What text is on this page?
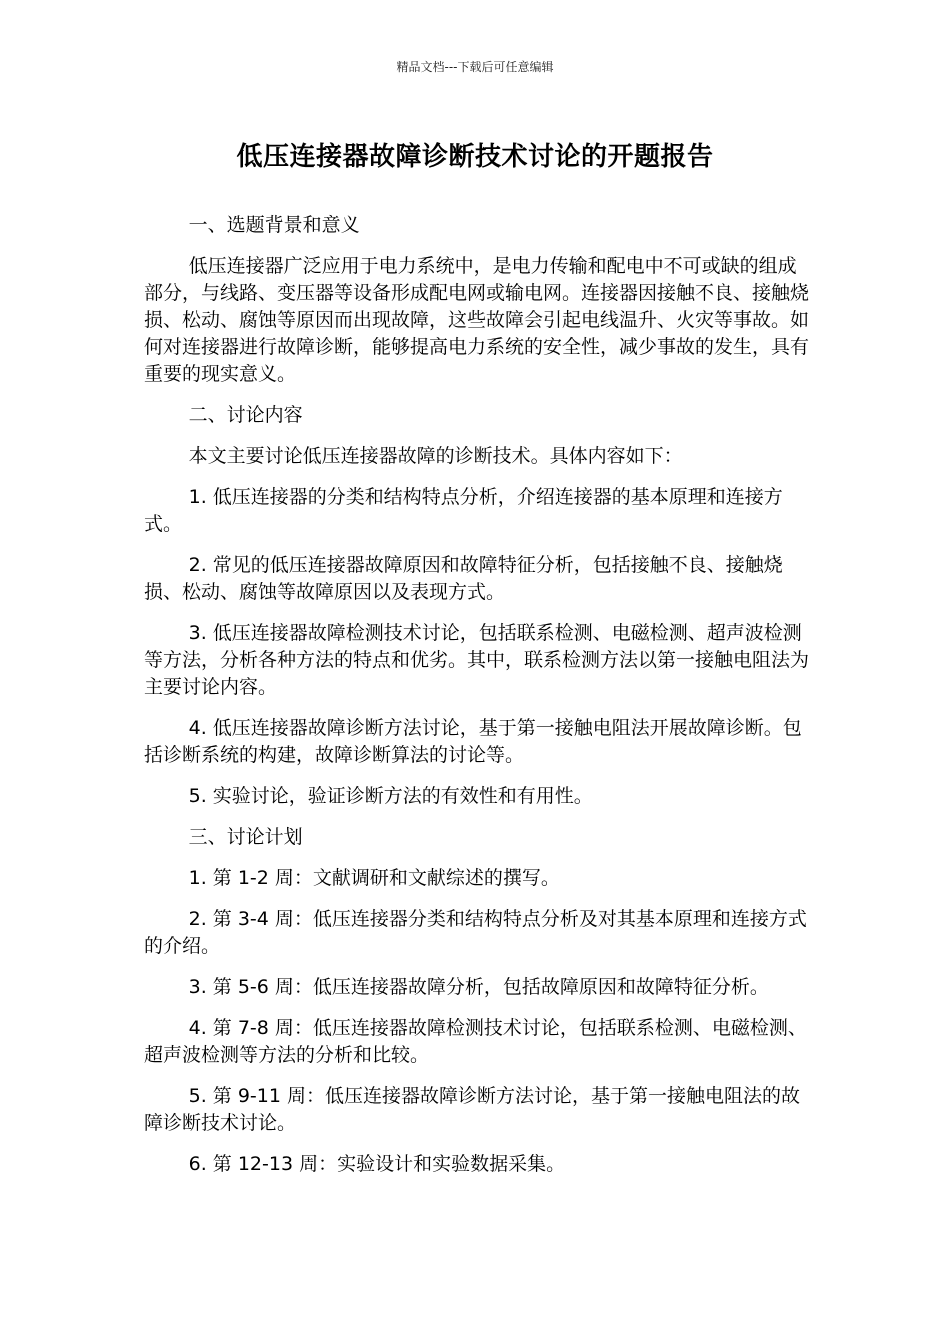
精品文档---下载后可任意编辑
低压连接器故障诊断技术讨论的开题报告

一、选题背景和意义

低压连接器广泛应用于电力系统中，是电力传输和配电中不可或缺的组成部分，与线路、变压器等设备形成配电网或输电网。连接器因接触不良、接触烧损、松动、腐蚀等原因而出现故障，这些故障会引起电线温升、火灾等事故。如何对连接器进行故障诊断，能够提高电力系统的安全性，减少事故的发生，具有重要的现实意义。

二、讨论内容

本文主要讨论低压连接器故障的诊断技术。具体内容如下：

1. 低压连接器的分类和结构特点分析，介绍连接器的基本原理和连接方式。

2. 常见的低压连接器故障原因和故障特征分析，包括接触不良、接触烧损、松动、腐蚀等故障原因以及表现方式。

3. 低压连接器故障检测技术讨论，包括联系检测、电磁检测、超声波检测等方法，分析各种方法的特点和优劣。其中，联系检测方法以第一接触电阻法为主要讨论内容。

4. 低压连接器故障诊断方法讨论，基于第一接触电阻法开展故障诊断。包括诊断系统的构建，故障诊断算法的讨论等。

5. 实验讨论，验证诊断方法的有效性和有用性。

三、讨论计划

1. 第 1-2 周：文献调研和文献综述的撰写。

2. 第 3-4 周：低压连接器分类和结构特点分析及对其基本原理和连接方式的介绍。

3. 第 5-6 周：低压连接器故障分析，包括故障原因和故障特征分析。

4. 第 7-8 周：低压连接器故障检测技术讨论，包括联系检测、电磁检测、超声波检测等方法的分析和比较。

5. 第 9-11 周：低压连接器故障诊断方法讨论，基于第一接触电阻法的故障诊断技术讨论。

6. 第 12-13 周：实验设计和实验数据采集。
